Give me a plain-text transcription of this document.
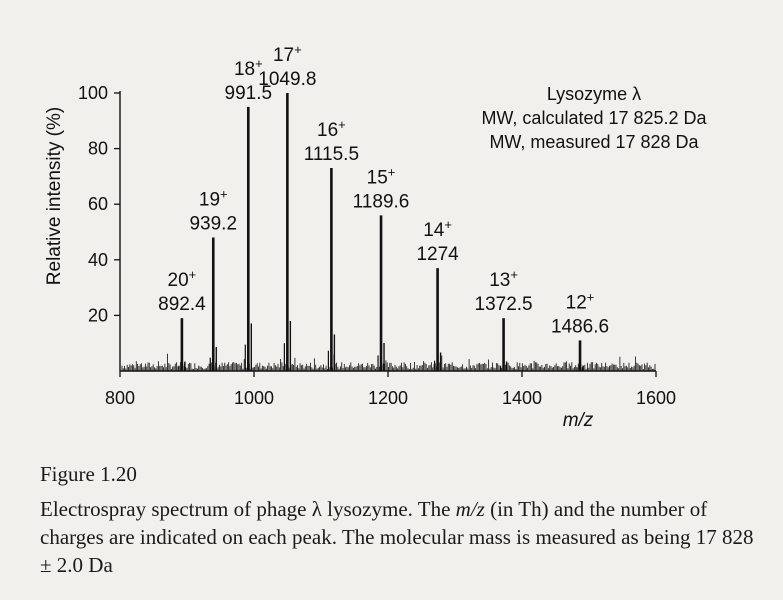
20
40
60
80
100
800	1000	1200	1400	1600
892.4
20+
939.2
19+
991.5
18+
1049.8
17+
1115.5
16+
1189.6
15+
1274
14+
1372.5
13+
1486.6
12+
Relative intensity (%)
m/z
Lysozyme λ
MW, calculated 17 825.2 Da
MW, measured 17 828 Da

Figure 1.20

Electrospray spectrum of phage λ lysozyme. The m/z (in Th) and the number of charges are indicated on each peak. The molecular mass is measured as being 17 828 ± 2.0 Da
